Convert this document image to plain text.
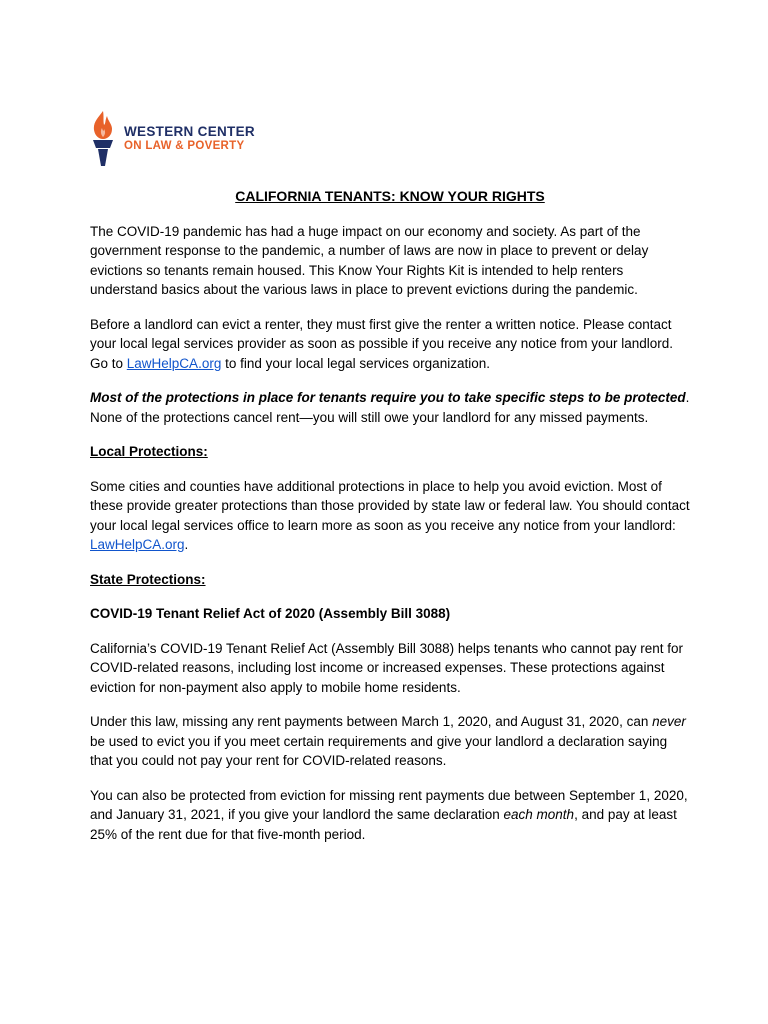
WESTERN CENTER
ON LAW & POVERTY
CALIFORNIA TENANTS: KNOW YOUR RIGHTS

The COVID-19 pandemic has had a huge impact on our economy and society. As part of the government response to the pandemic, a number of laws are now in place to prevent or delay evictions so tenants remain housed. This Know Your Rights Kit is intended to help renters understand basics about the various laws in place to prevent evictions during the pandemic.

Before a landlord can evict a renter, they must first give the renter a written notice. Please contact your local legal services provider as soon as possible if you receive any notice from your landlord. Go to LawHelpCA.org to find your local legal services organization.

Most of the protections in place for tenants require you to take specific steps to be protected. None of the protections cancel rent—you will still owe your landlord for any missed payments.

Local Protections:

Some cities and counties have additional protections in place to help you avoid eviction. Most of these provide greater protections than those provided by state law or federal law. You should contact your local legal services office to learn more as soon as you receive any notice from your landlord: LawHelpCA.org.

State Protections:

COVID-19 Tenant Relief Act of 2020 (Assembly Bill 3088)

California’s COVID-19 Tenant Relief Act (Assembly Bill 3088) helps tenants who cannot pay rent for COVID-related reasons, including lost income or increased expenses. These protections against eviction for non-payment also apply to mobile home residents.

Under this law, missing any rent payments between March 1, 2020, and August 31, 2020, can never be used to evict you if you meet certain requirements and give your landlord a declaration saying that you could not pay your rent for COVID-related reasons.

You can also be protected from eviction for missing rent payments due between September 1, 2020, and January 31, 2021, if you give your landlord the same declaration each month, and pay at least 25% of the rent due for that five-month period.
